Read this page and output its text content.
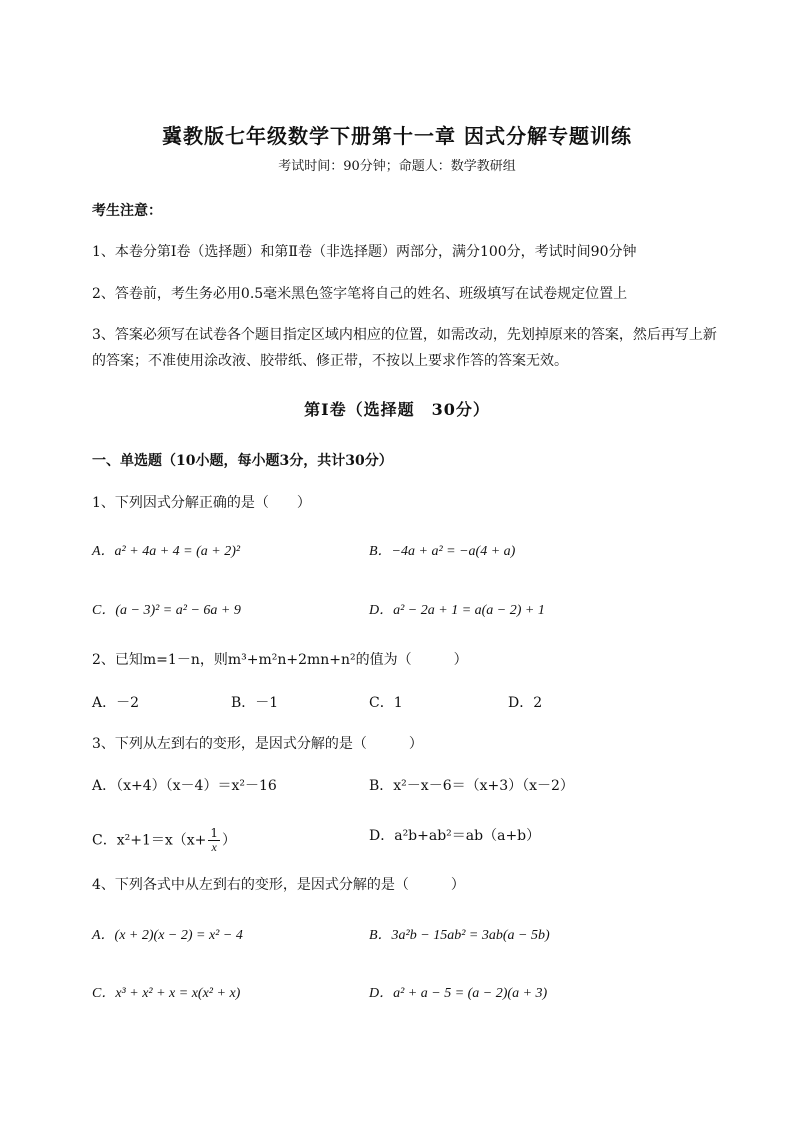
冀教版七年级数学下册第十一章 因式分解专题训练
考试时间：90分钟；命题人：数学教研组
考生注意：
1、本卷分第I卷（选择题）和第Ⅱ卷（非选择题）两部分，满分100分，考试时间90分钟
2、答卷前，考生务必用0.5毫米黑色签字笔将自己的姓名、班级填写在试卷规定位置上
3、答案必须写在试卷各个题目指定区域内相应的位置，如需改动，先划掉原来的答案，然后再写上新
的答案；不准使用涂改液、胶带纸、修正带，不按以上要求作答的答案无效。
第I卷（选择题　30分）
一、单选题（10小题，每小题3分，共计30分）
1、下列因式分解正确的是（　　）
A．a² + 4a + 4 = (a + 2)²	B．−4a + a² = −a(4 + a)
C．(a − 3)² = a² − 6a + 9	D．a² − 2a + 1 = a(a − 2) + 1
2、已知m=1－n，则m³+m²n+2mn+n²的值为（　　　）
A．－2	B．－1	C．1	D．2
3、下列从左到右的变形，是因式分解的是（　　　）
A．（x+4）（x－4）＝x²－16	B．x²－x－6＝（x+3）（x－2）
C．$x^2+1=x(x+ \frac{1}{x}$ ）	D．a²b+ab²＝ab（a+b）
4、下列各式中从左到右的变形，是因式分解的是（　　　）
A．(x + 2)(x − 2) = x² − 4	B．3a²b − 15ab² = 3ab(a − 5b)
C．x³ + x² + x = x(x² + x)	D．a² + a − 5 = (a − 2)(a + 3)
